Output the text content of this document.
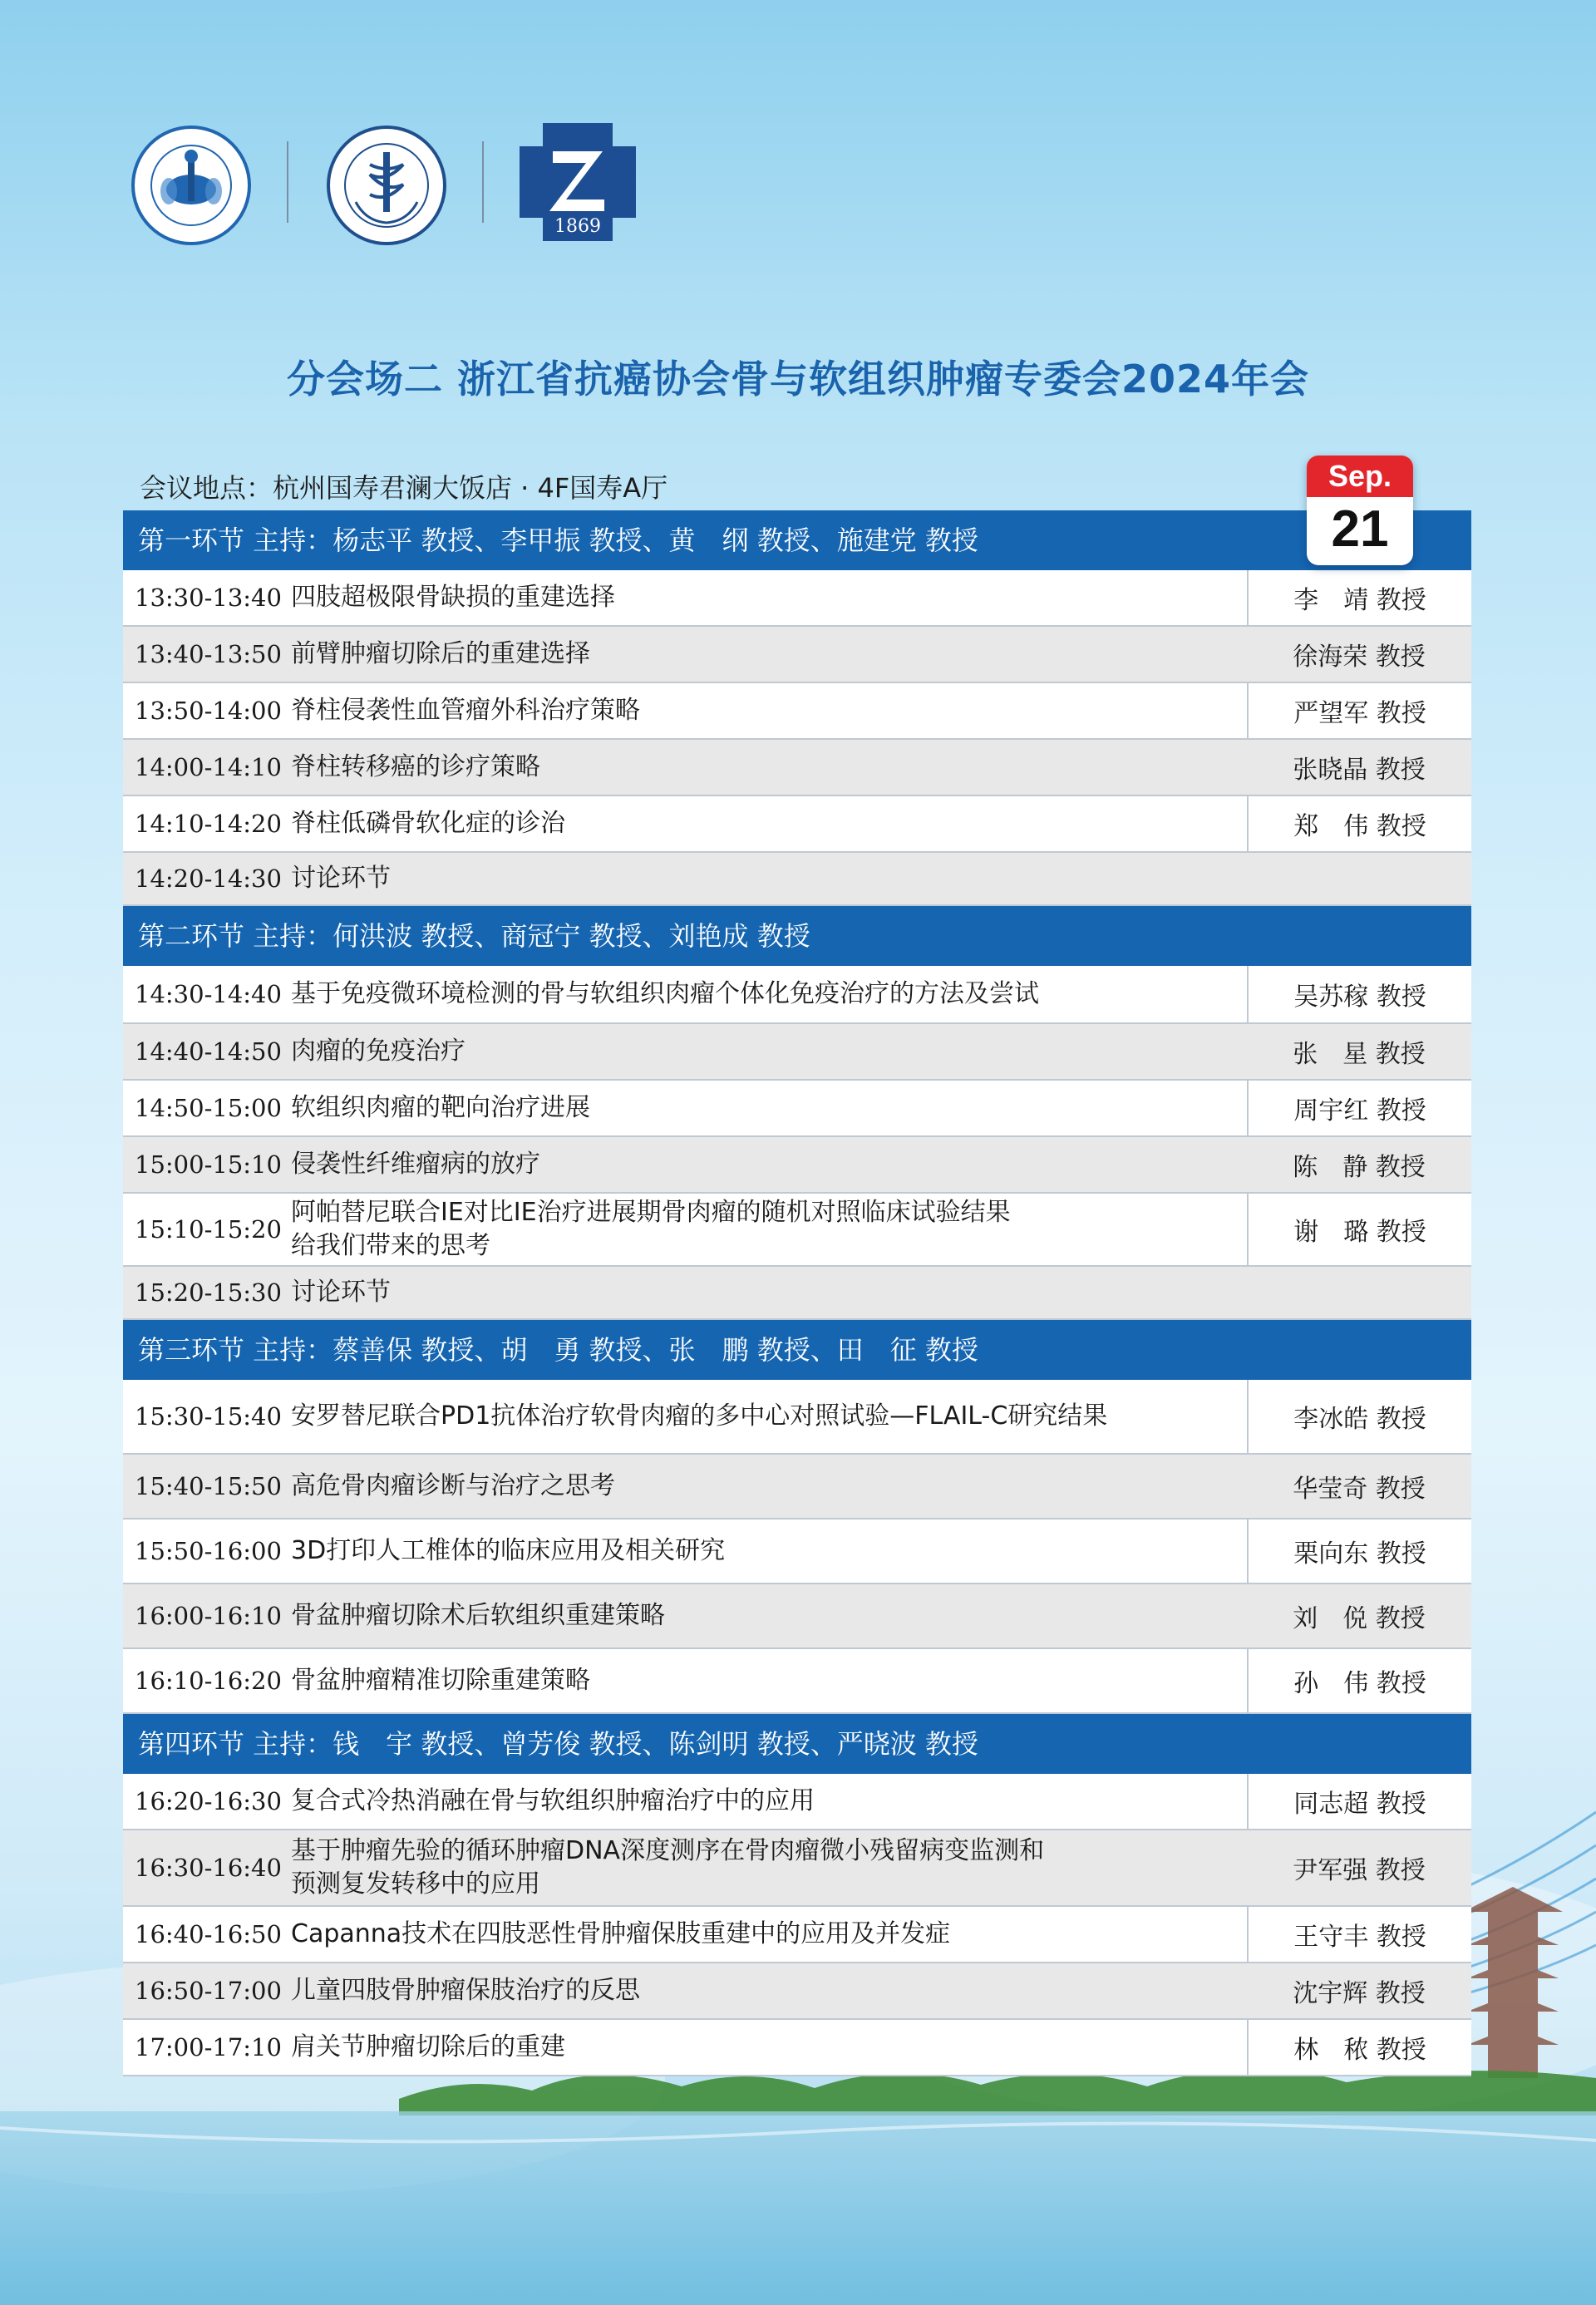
1869
分会场二 浙江省抗癌协会骨与软组织肿瘤专委会2024年会
会议地点：杭州国寿君澜大饭店 · 4F国寿A厅	Sep.
21
第一环节 主持：杨志平 教授、李甲振 教授、黄　纲 教授、施建党 教授
13:30-13:40 四肢超极限骨缺损的重建选择	李　靖 教授
13:40-13:50 前臂肿瘤切除后的重建选择	徐海荣 教授
13:50-14:00 脊柱侵袭性血管瘤外科治疗策略	严望军 教授
14:00-14:10 脊柱转移癌的诊疗策略	张晓晶 教授
14:10-14:20 脊柱低磷骨软化症的诊治	郑　伟 教授
14:20-14:30 讨论环节
第二环节 主持：何洪波 教授、商冠宁 教授、刘艳成 教授
14:30-14:40 基于免疫微环境检测的骨与软组织肉瘤个体化免疫治疗的方法及尝试	吴苏稼 教授
14:40-14:50 肉瘤的免疫治疗	张　星 教授
14:50-15:00 软组织肉瘤的靶向治疗进展	周宇红 教授
15:00-15:10 侵袭性纤维瘤病的放疗	陈　静 教授
15:10-15:20
阿帕替尼联合IE对比IE治疗进展期骨肉瘤的随机对照临床试验结果
给我们带来的思考	谢　璐 教授
15:20-15:30 讨论环节
第三环节 主持：蔡善保 教授、胡　勇 教授、张　鹏 教授、田　征 教授
15:30-15:40 安罗替尼联合PD1抗体治疗软骨肉瘤的多中心对照试验—FLAIL-C研究结果	李冰皓 教授
15:40-15:50 高危骨肉瘤诊断与治疗之思考	华莹奇 教授
15:50-16:00 3D打印人工椎体的临床应用及相关研究	栗向东 教授
16:00-16:10 骨盆肿瘤切除术后软组织重建策略	刘　侻 教授
16:10-16:20 骨盆肿瘤精准切除重建策略	孙　伟 教授
第四环节 主持：钱　宇 教授、曾芳俊 教授、陈剑明 教授、严晓波 教授
16:20-16:30 复合式冷热消融在骨与软组织肿瘤治疗中的应用	同志超 教授
16:30-16:40
基于肿瘤先验的循环肿瘤DNA深度测序在骨肉瘤微小残留病变监测和
预测复发转移中的应用	尹军强 教授
16:40-16:50 Capanna技术在四肢恶性骨肿瘤保肢重建中的应用及并发症	王守丰 教授
16:50-17:00 儿童四肢骨肿瘤保肢治疗的反思	沈宇辉 教授
17:00-17:10 肩关节肿瘤切除后的重建	林　秾 教授
